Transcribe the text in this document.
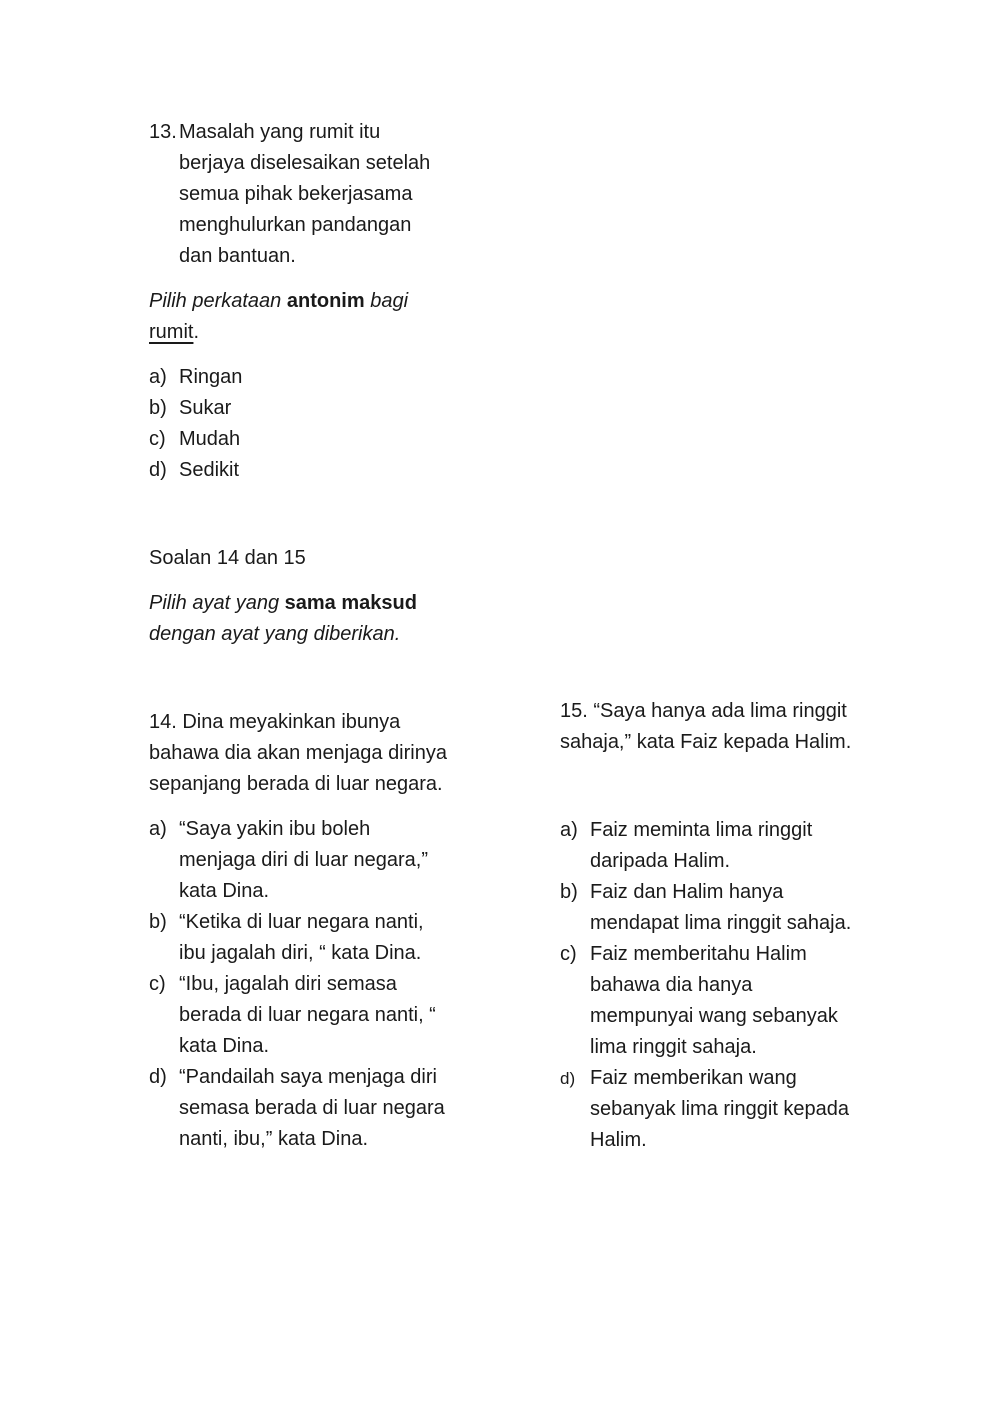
13. Masalah yang rumit itu
berjaya diselesaikan setelah
semua pihak bekerjasama
menghulurkan pandangan
dan bantuan.
Pilih perkataan antonim bagi
rumit.
a) Ringan
b) Sukar
c) Mudah
d) Sedikit
Soalan 14 dan 15
Pilih ayat yang sama maksud
dengan ayat yang diberikan.
14. Dina meyakinkan ibunya
bahawa dia akan menjaga dirinya
sepanjang berada di luar negara.
a) “Saya yakin ibu boleh
menjaga diri di luar negara,”
kata Dina.
b) “Ketika di luar negara nanti,
ibu jagalah diri, “ kata Dina.
c) “Ibu, jagalah diri semasa
berada di luar negara nanti, “
kata Dina.
d) “Pandailah saya menjaga diri
semasa berada di luar negara
nanti, ibu,” kata Dina.
15. “Saya hanya ada lima ringgit
sahaja,” kata Faiz kepada Halim.
a) Faiz meminta lima ringgit
daripada Halim.
b) Faiz dan Halim hanya
mendapat lima ringgit sahaja.
c) Faiz memberitahu Halim
bahawa dia hanya
mempunyai wang sebanyak
lima ringgit sahaja.
d) Faiz memberikan wang
sebanyak lima ringgit kepada
Halim.
